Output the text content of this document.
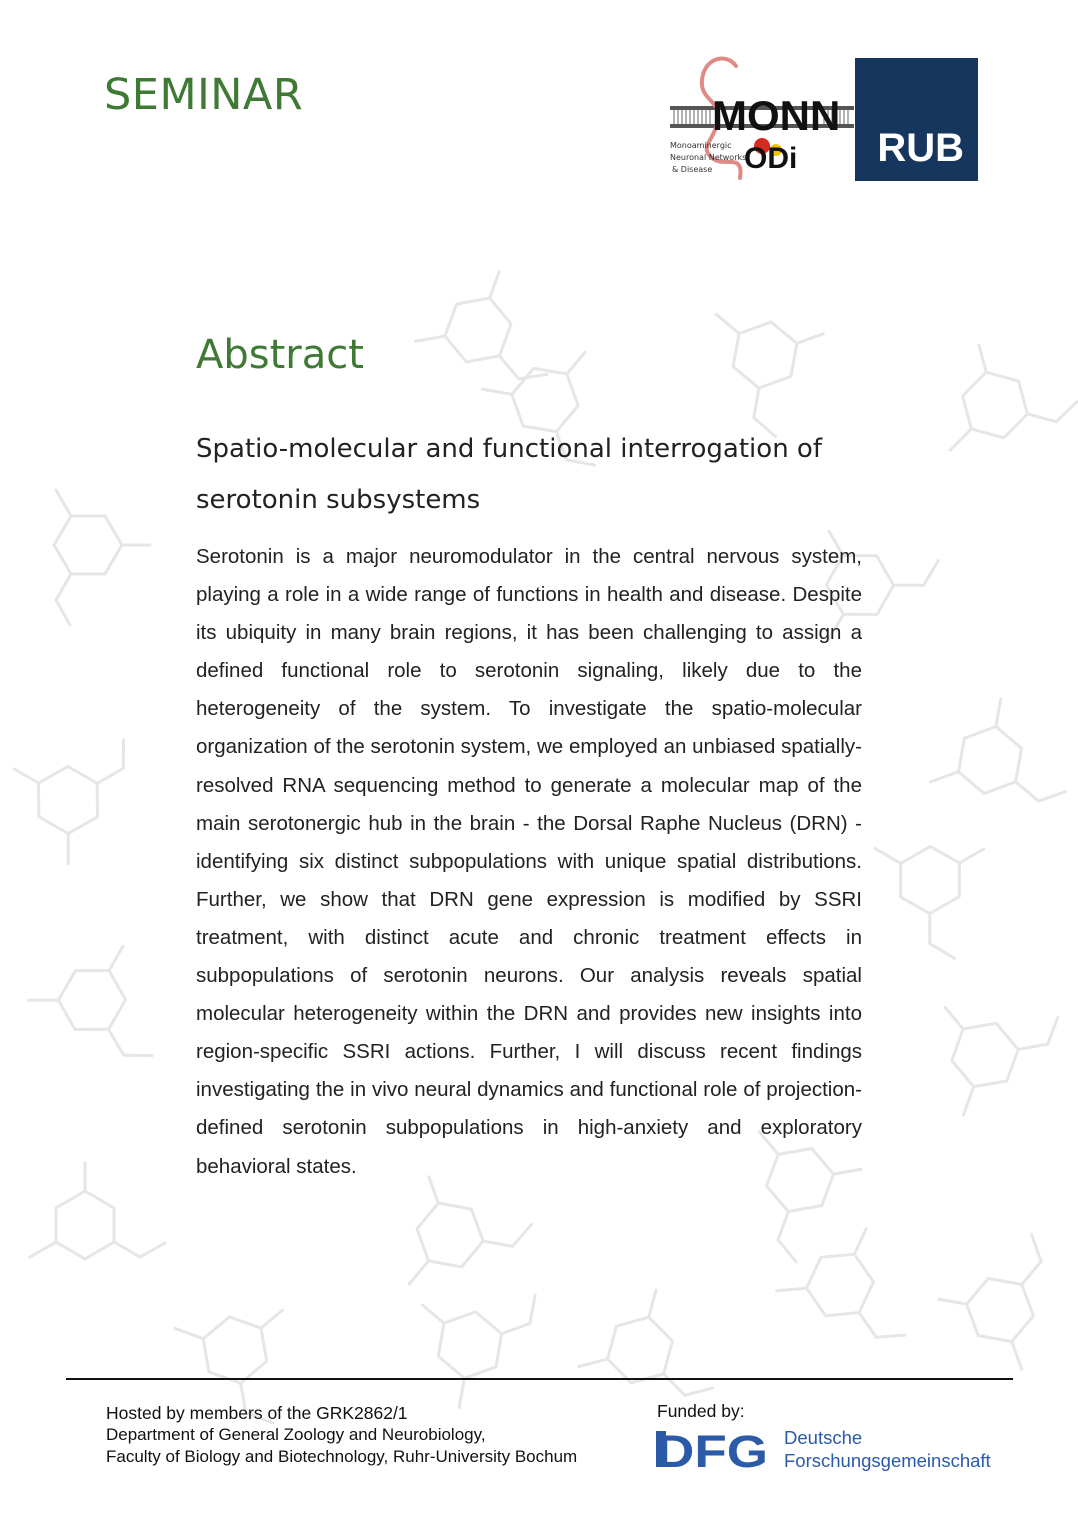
SEMINAR	MONN
ODi
Monoaminergic
Neuronal Networks
& Disease	RUB
Abstract
Spatio-molecular and functional interrogation of serotonin subsystems

Serotonin is a major neuromodulator in the central nervous system, playing a role in a wide range of functions in health and disease. Despite its ubiquity in many brain regions, it has been challenging to assign a defined functional role to serotonin signaling, likely due to the heterogeneity of the system. To investigate the spatio-molecular organization of the serotonin system, we employed an unbiased spatially-resolved RNA sequencing method to generate a molecular map of the main serotonergic hub in the brain - the Dorsal Raphe Nucleus (DRN) - identifying six distinct subpopulations with unique spatial distributions. Further, we show that DRN gene expression is modified by SSRI treatment, with distinct acute and chronic treatment effects in subpopulations of serotonin neurons. Our analysis reveals spatial molecular heterogeneity within the DRN and provides new insights into region-specific SSRI actions. Further, I will discuss recent findings investigating the in vivo neural dynamics and functional role of projection-defined serotonin subpopulations in high-anxiety and exploratory behavioral states.

Hosted by members of the GRK2862/1
Department of General Zoology and Neurobiology,
Faculty of Biology and Biotechnology, Ruhr-University Bochum
Funded by:
DFG Deutsche
Forschungsgemeinschaft
